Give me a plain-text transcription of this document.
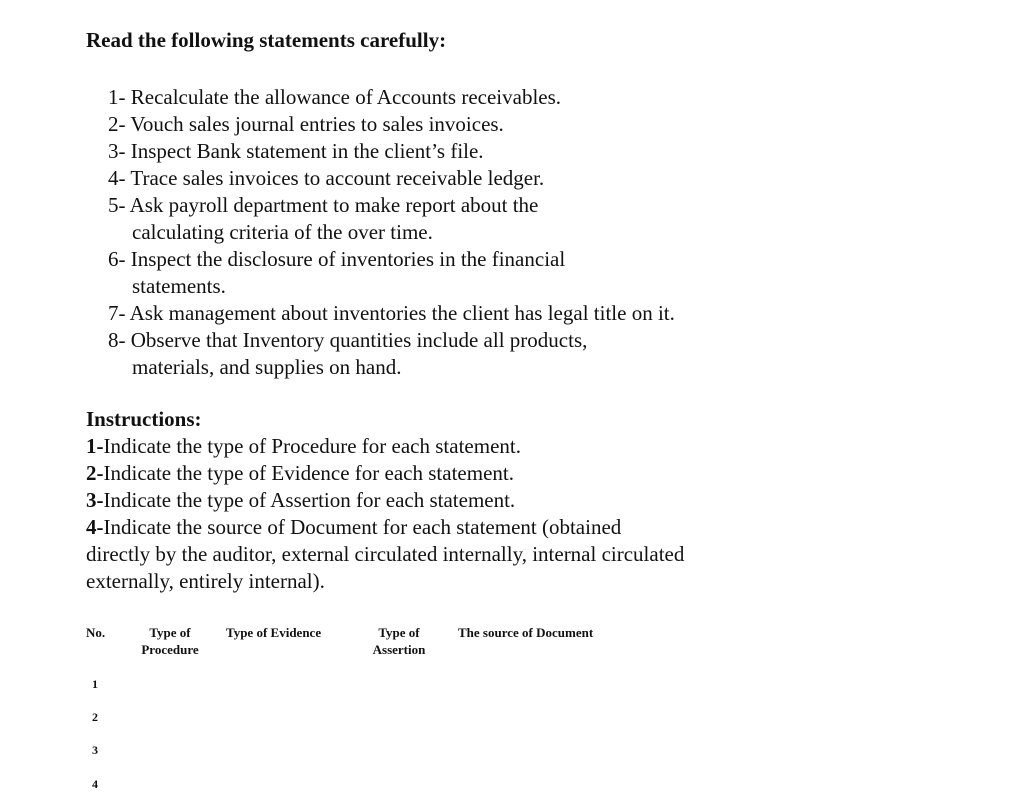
Read the following statements carefully:
1- Recalculate the allowance of Accounts receivables.
2- Vouch sales journal entries to sales invoices.
3- Inspect Bank statement in the client’s file.
4- Trace sales invoices to account receivable ledger.
5- Ask payroll department to make report about the calculating criteria of the over time.
6- Inspect the disclosure of inventories in the financial statements.
7- Ask management about inventories the client has legal title on it.
8- Observe that Inventory quantities include all products, materials, and supplies on hand.
Instructions:
1-Indicate the type of Procedure for each statement.
2-Indicate the type of Evidence for each statement.
3-Indicate the type of Assertion for each statement.
4-Indicate the source of Document for each statement (obtained directly by the auditor, external circulated internally, internal circulated externally, entirely internal).
No.	Type of
Procedure
Type of Evidence	Type of
Assertion
The source of Document
1
2
3
4
